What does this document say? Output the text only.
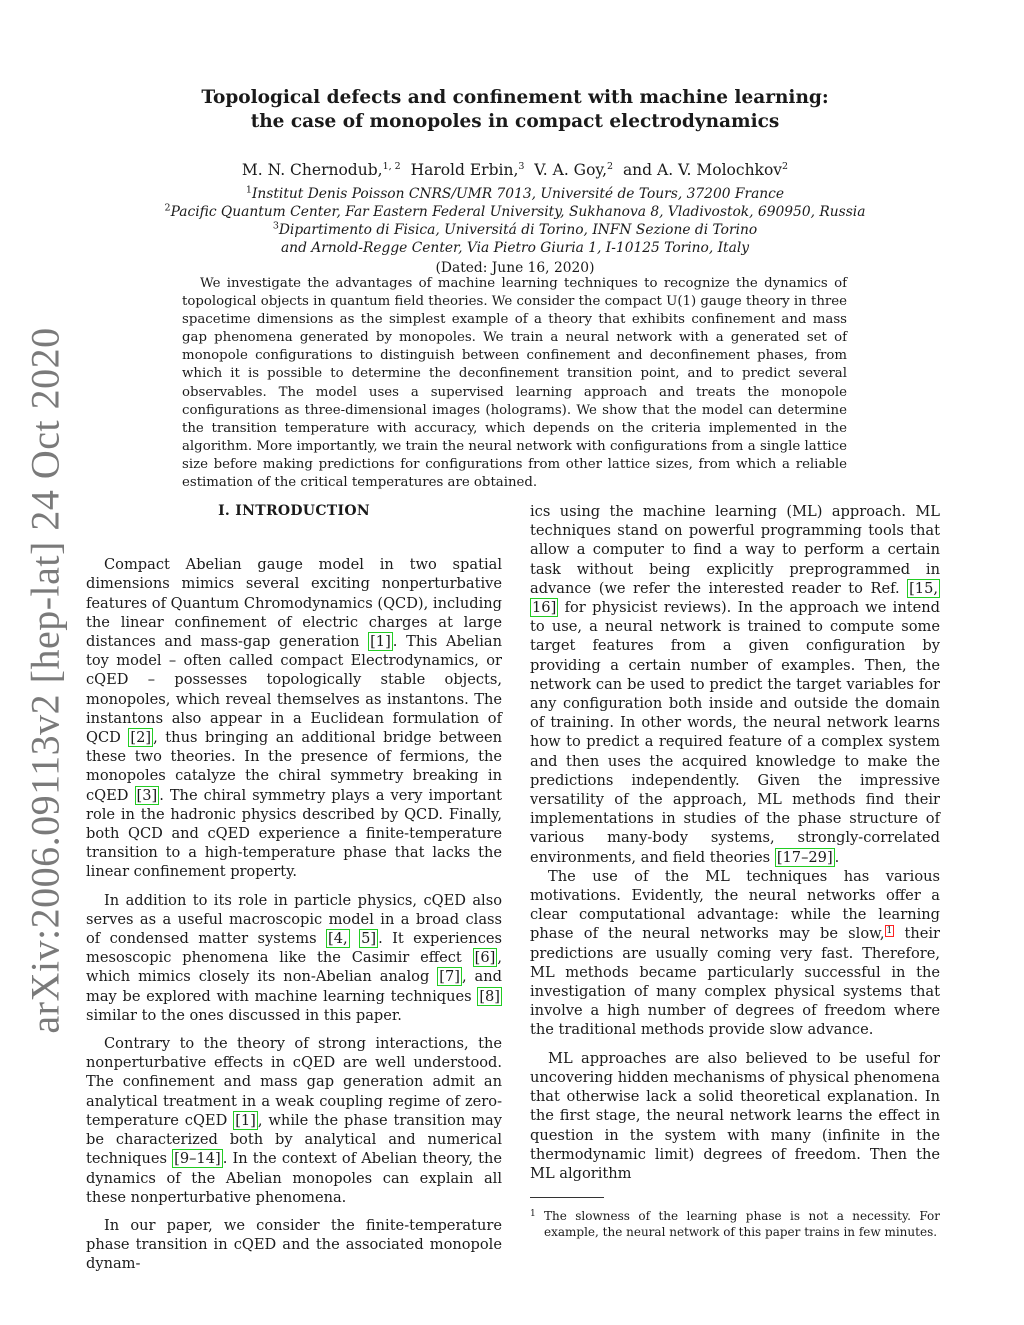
arXiv:2006.09113v2 [hep-lat] 24 Oct 2020
Topological defects and confinement with machine learning:
the case of monopoles in compact electrodynamics
M. N. Chernodub,$^{1, 2}$ Harold Erbin,$^3$ V. A. Goy,$^2$ and A. V. Molochkov$^2$
$^1$Institut Denis Poisson CNRS/UMR 7013, Université de Tours, 37200 France
$^2$Pacific Quantum Center, Far Eastern Federal University, Sukhanova 8, Vladivostok, 690950, Russia
$^3$Dipartimento di Fisica, Universitá di Torino, INFN Sezione di Torino
and Arnold-Regge Center, Via Pietro Giuria 1, I-10125 Torino, Italy
(Dated: June 16, 2020)

We investigate the advantages of machine learning techniques to recognize the dynamics of topological objects in quantum field theories. We consider the compact U(1) gauge theory in three spacetime dimensions as the simplest example of a theory that exhibits confinement and mass gap phenomena generated by monopoles. We train a neural network with a generated set of monopole configurations to distinguish between confinement and deconfinement phases, from which it is possible to determine the deconfinement transition point, and to predict several observables. The model uses a supervised learning approach and treats the monopole configurations as three-dimensional images (holograms). We show that the model can determine the transition temperature with accuracy, which depends on the criteria implemented in the algorithm. More importantly, we train the neural network with configurations from a single lattice size before making predictions for configurations from other lattice sizes, from which a reliable estimation of the critical temperatures are obtained.

I. INTRODUCTION

Compact Abelian gauge model in two spatial dimensions mimics several exciting nonperturbative features of Quantum Chromodynamics (QCD), including the linear confinement of electric charges at large distances and mass-gap generation [1] . This Abelian toy model – often called compact Electrodynamics, or cQED – possesses topologically stable objects, monopoles, which reveal themselves as instantons. The instantons also appear in a Euclidean formulation of QCD [2] , thus bringing an additional bridge between these two theories. In the presence of fermions, the monopoles catalyze the chiral symmetry breaking in cQED [3] . The chiral symmetry plays a very important role in the hadronic physics described by QCD. Finally, both QCD and cQED experience a finite-temperature transition to a high-temperature phase that lacks the linear confinement property.

In addition to its role in particle physics, cQED also serves as a useful macroscopic model in a broad class of condensed matter systems [4, 5] . It experiences mesoscopic phenomena like the Casimir effect [6] , which mimics closely its non-Abelian analog [7] , and may be explored with machine learning techniques [8] similar to the ones discussed in this paper.

Contrary to the theory of strong interactions, the nonperturbative effects in cQED are well understood. The confinement and mass gap generation admit an analytical treatment in a weak coupling regime of zero-temperature cQED [1] , while the phase transition may be characterized both by analytical and numerical techniques [9–14] . In the context of Abelian theory, the dynamics of the Abelian monopoles can explain all these nonperturbative phenomena.

In our paper, we consider the finite-temperature phase transition in cQED and the associated monopole dynam-

ics using the machine learning (ML) approach. ML techniques stand on powerful programming tools that allow a computer to find a way to perform a certain task without being explicitly preprogrammed in advance (we refer the interested reader to Ref. [15, 16] for physicist reviews). In the approach we intend to use, a neural network is trained to compute some target features from a given configuration by providing a certain number of examples. Then, the network can be used to predict the target variables for any configuration both inside and outside the domain of training. In other words, the neural network learns how to predict a required feature of a complex system and then uses the acquired knowledge to make the predictions independently. Given the impressive versatility of the approach, ML methods find their implementations in studies of the phase structure of various many-body systems, strongly-correlated environments, and field theories [17–29] .

The use of the ML techniques has various motivations. Evidently, the neural networks offer a clear computational advantage: while the learning phase of the neural networks may be slow, $^1$ their predictions are usually coming very fast. Therefore, ML methods became particularly successful in the investigation of many complex physical systems that involve a high number of degrees of freedom where the traditional methods provide slow advance.

ML approaches are also believed to be useful for uncovering hidden mechanisms of physical phenomena that otherwise lack a solid theoretical explanation. In the first stage, the neural network learns the effect in question in the system with many (infinite in the thermodynamic limit) degrees of freedom. Then the ML algorithm

1 The slowness of the learning phase is not a necessity. For example, the neural network of this paper trains in few minutes.
